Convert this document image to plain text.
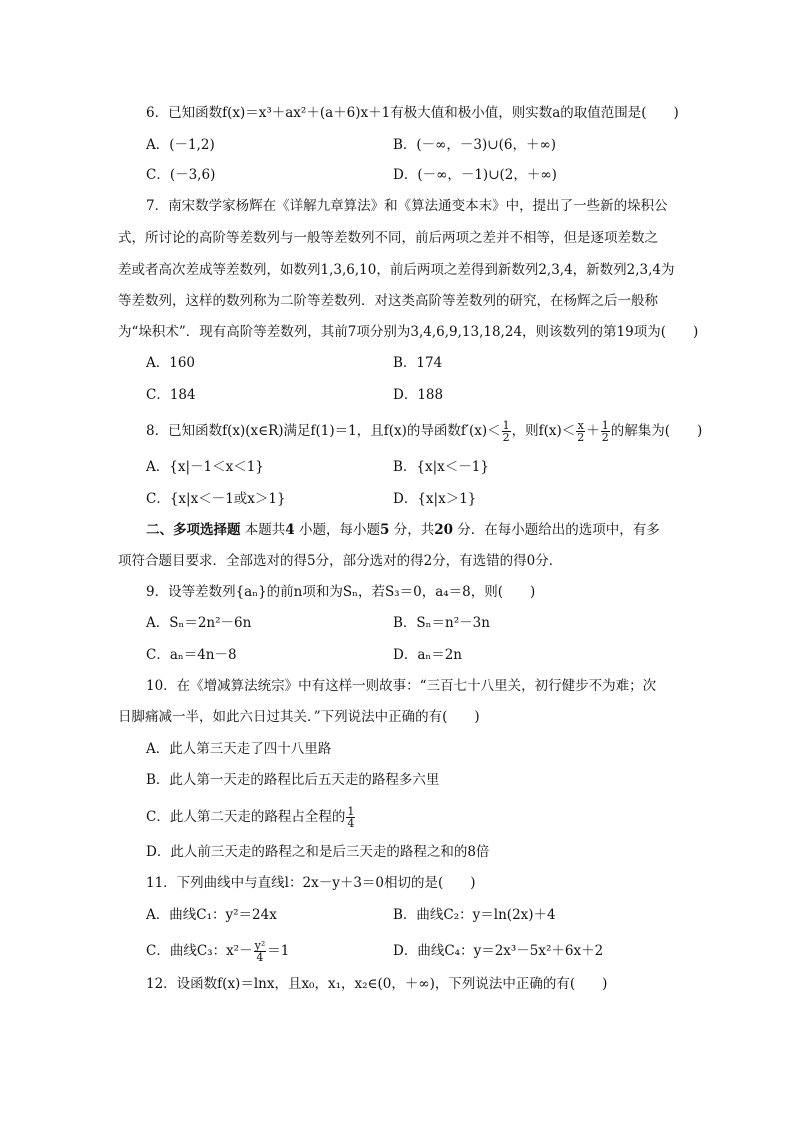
6．已知函数f(x)＝x³＋ax²＋(a＋6)x＋1有极大值和极小值，则实数a的取值范围是(　　)
A．(－1,2)	B．(－∞，－3)∪(6，＋∞)
C．(－3,6)	D．(－∞，－1)∪(2，＋∞)
7．南宋数学家杨辉在《详解九章算法》和《算法通变本末》中，提出了一些新的垛积公
式，所讨论的高阶等差数列与一般等差数列不同，前后两项之差并不相等，但是逐项差数之
差或者高次差成等差数列，如数列1,3,6,10，前后两项之差得到新数列2,3,4，新数列2,3,4为
等差数列，这样的数列称为二阶等差数列．对这类高阶等差数列的研究，在杨辉之后一般称
为“垛积术”．现有高阶等差数列，其前7项分别为3,4,6,9,13,18,24，则该数列的第19项为(　　)
A．160	B．174
C．184	D．188
8．已知函数f(x)(x∈R)满足f(1)＝1，且f(x)的导函数$f'(x)< \frac{1}{2}$ ，则$f(x)< \frac{x}{2} + \frac{1}{2}$ 的解集为(　　)
A．{x|－1＜x＜1}	B．{x|x＜－1}
C．{x|x＜－1或x＞1}	D．{x|x＞1}
二、多项选择题 本题共4 小题，每小题5 分，共20 分．在每小题给出的选项中，有多
项符合题目要求．全部选对的得5分，部分选对的得2分，有选错的得0分．
9．设等差数列{aₙ}的前n项和为Sₙ，若S₃＝0，a₄＝8，则(　　)
A．Sₙ＝2n²－6n	B．Sₙ＝n²－3n
C．aₙ＝4n－8	D．aₙ＝2n
10．在《增减算法统宗》中有这样一则故事：“三百七十八里关，初行健步不为难；次
日脚痛减一半，如此六日过其关．”下列说法中正确的有(　　)
A．此人第三天走了四十八里路
B．此人第一天走的路程比后五天走的路程多六里
C．此人第二天走的路程占全程的 $\frac{1}{4}$
D．此人前三天走的路程之和是后三天走的路程之和的8倍
11．下列曲线中与直线l：2x－y＋3＝0相切的是(　　)
A．曲线C₁：y²＝24x	B．曲线C₂：y＝ln(2x)＋4
C．曲线C₃：$x^2- \frac{\text{y²}}{4} =1$	D．曲线C₄：y＝2x³－5x²＋6x＋2
12．设函数f(x)＝lnx，且x₀，x₁，x₂∈(0，＋∞)，下列说法中正确的有(　　)
